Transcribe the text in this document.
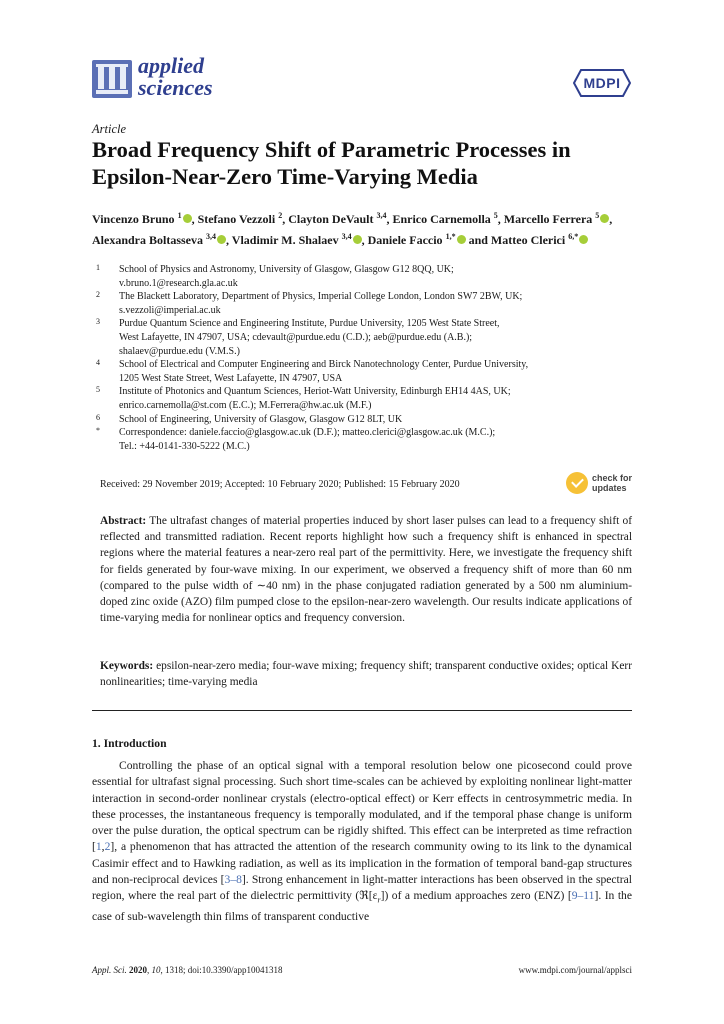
applied
sciences	MDPI
Article
Broad Frequency Shift of Parametric Processes in Epsilon-Near-Zero Time-Varying Media
Vincenzo Bruno $^1$ , Stefano Vezzoli $^2$, Clayton DeVault $^{3,4}$, Enrico Carnemolla $^5$, Marcello Ferrera $^5$ , Alexandra Boltasseva $^{3,4}$ , Vladimir M. Shalaev $^{3,4}$ , Daniele Faccio $^{1,*}$ and Matteo Clerici $^{6,*}$
1 School of Physics and Astronomy, University of Glasgow, Glasgow G12 8QQ, UK;
v.bruno.1@research.gla.ac.uk
2 The Blackett Laboratory, Department of Physics, Imperial College London, London SW7 2BW, UK;
s.vezzoli@imperial.ac.uk
3 Purdue Quantum Science and Engineering Institute, Purdue University, 1205 West State Street,
West Lafayette, IN 47907, USA; cdevault@purdue.edu (C.D.); aeb@purdue.edu (A.B.);
shalaev@purdue.edu (V.M.S.)
4 School of Electrical and Computer Engineering and Birck Nanotechnology Center, Purdue University,
1205 West State Street, West Lafayette, IN 47907, USA
5 Institute of Photonics and Quantum Sciences, Heriot-Watt University, Edinburgh EH14 4AS, UK;
enrico.carnemolla@st.com (E.C.); M.Ferrera@hw.ac.uk (M.F.)
6 School of Engineering, University of Glasgow, Glasgow G12 8LT, UK
* Correspondence: daniele.faccio@glasgow.ac.uk (D.F.); matteo.clerici@glasgow.ac.uk (M.C.);
Tel.: +44-0141-330-5222 (M.C.)
Received: 29 November 2019; Accepted: 10 February 2020; Published: 15 February 2020
check for
updates
Abstract: The ultrafast changes of material properties induced by short laser pulses can lead to a frequency shift of reflected and transmitted radiation. Recent reports highlight how such a frequency shift is enhanced in spectral regions where the material features a near-zero real part of the permittivity. Here, we investigate the frequency shift for fields generated by four-wave mixing. In our experiment, we observed a frequency shift of more than 60 nm (compared to the pulse width of ∼40 nm) in the phase conjugated radiation generated by a 500 nm aluminium-doped zinc oxide (AZO) film pumped close to the epsilon-near-zero wavelength. Our results indicate applications of time-varying media for nonlinear optics and frequency conversion.
Keywords: epsilon-near-zero media; four-wave mixing; frequency shift; transparent conductive oxides; optical Kerr nonlinearities; time-varying media
1. Introduction

Controlling the phase of an optical signal with a temporal resolution below one picosecond could prove essential for ultrafast signal processing. Such short time-scales can be achieved by exploiting nonlinear light-matter interaction in second-order nonlinear crystals (electro-optical effect) or Kerr effects in centrosymmetric media. In these processes, the instantaneous frequency is temporally modulated, and if the temporal phase change is uniform over the pulse duration, the optical spectrum can be rigidly shifted. This effect can be interpreted as time refraction [1,2], a phenomenon that has attracted the attention of the research community owing to its link to the dynamical Casimir effect and to Hawking radiation, as well as its implication in the formation of temporal band-gap structures and non-reciprocal devices [3–8]. Strong enhancement in light-matter interactions has been observed in the spectral region, where the real part of the dielectric permittivity $(ℜ[\varepsilon_r])$ of a medium approaches zero (ENZ) [9–11]. In the case of sub-wavelength thin films of transparent conductive

Appl. Sci. 2020, 10, 1318; doi:10.3390/app10041318	www.mdpi.com/journal/applsci
